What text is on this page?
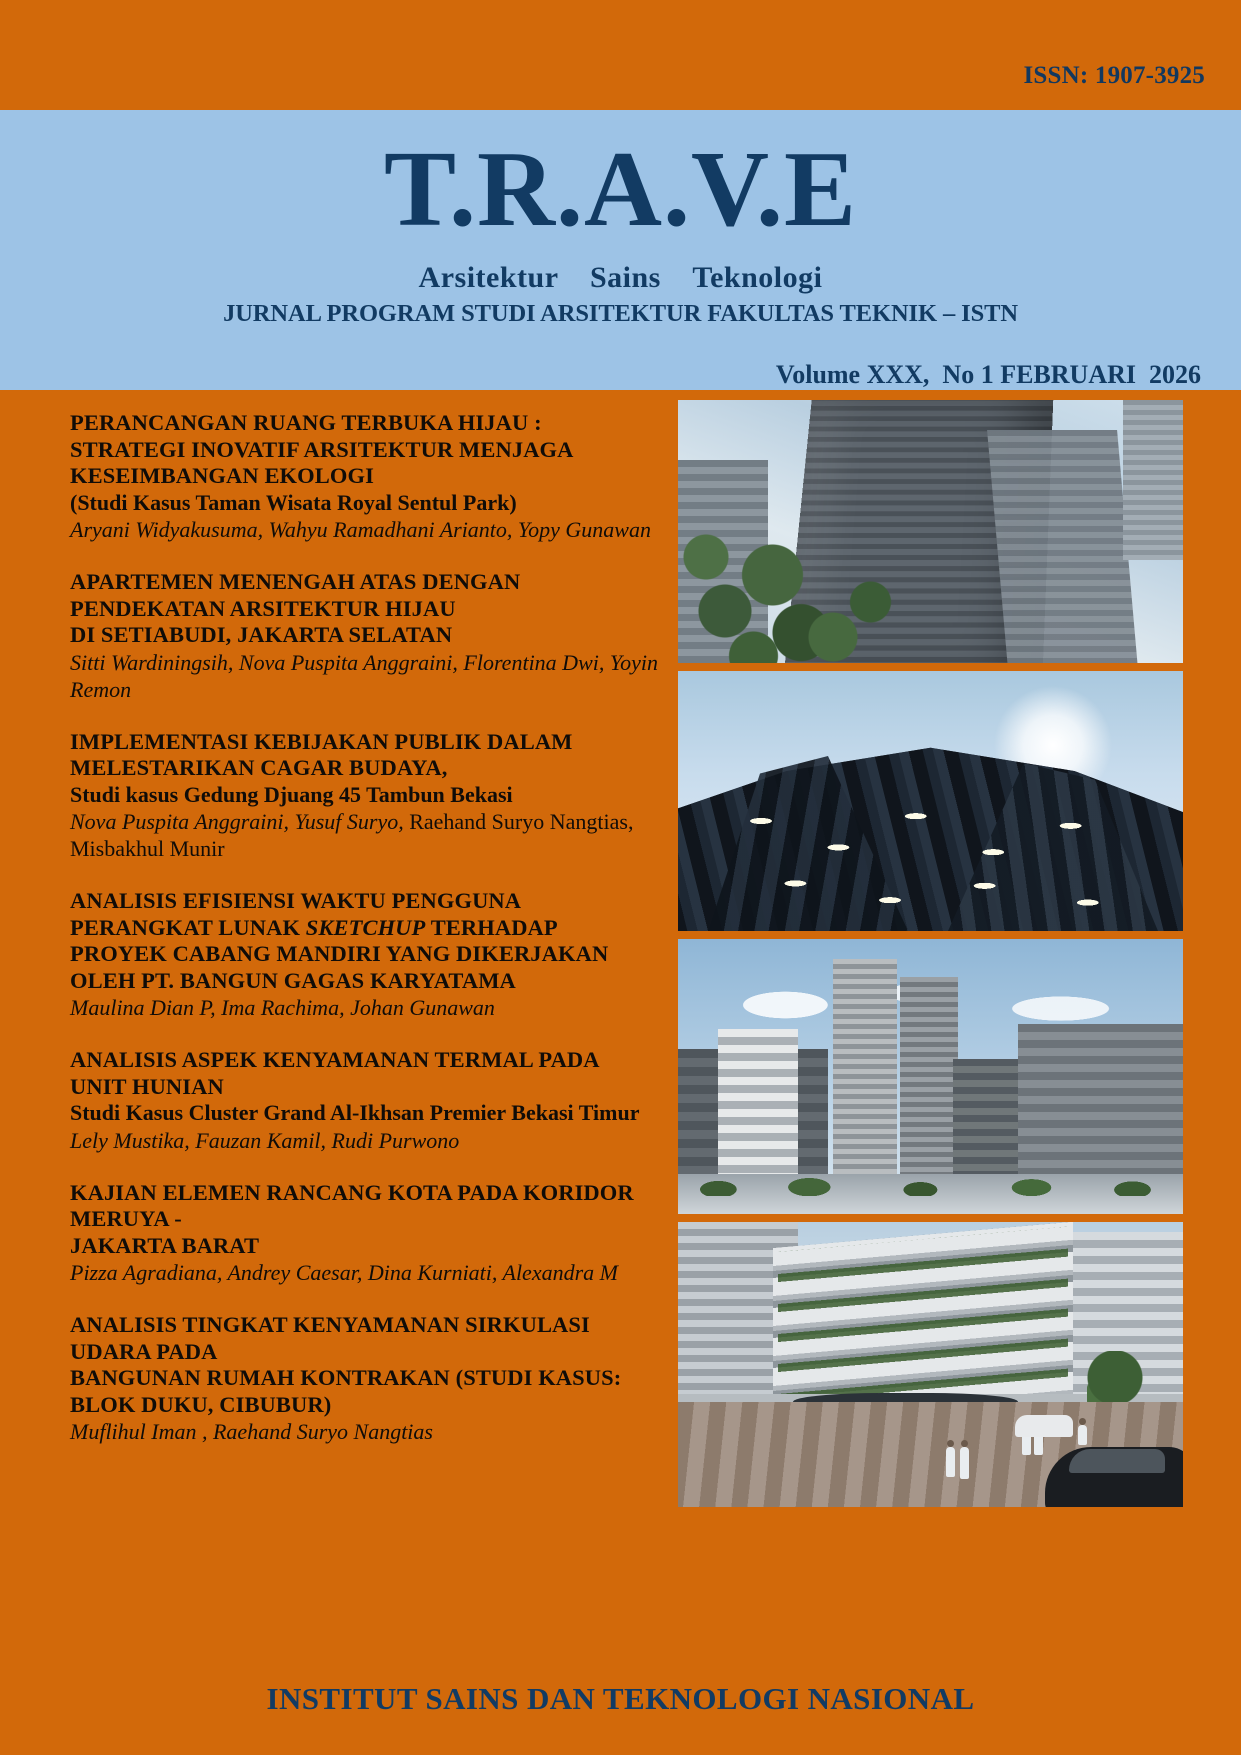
ISSN: 1907-3925
T.R.A.V.E
Arsitektur    Sains    Teknologi
JURNAL PROGRAM STUDI ARSITEKTUR FAKULTAS TEKNIK – ISTN
Volume XXX,  No 1 FEBRUARI  2026
PERANCANGAN RUANG TERBUKA HIJAU :
STRATEGI INOVATIF ARSITEKTUR MENJAGA
KESEIMBANGAN EKOLOGI
(Studi Kasus Taman Wisata Royal Sentul Park)
Aryani Widyakusuma, Wahyu Ramadhani Arianto, Yopy Gunawan
APARTEMEN MENENGAH ATAS DENGAN
PENDEKATAN ARSITEKTUR HIJAU
DI SETIABUDI, JAKARTA SELATAN
Sitti Wardiningsih, Nova Puspita Anggraini, Florentina Dwi, Yoyin Remon
IMPLEMENTASI KEBIJAKAN PUBLIK DALAM
MELESTARIKAN CAGAR BUDAYA,
Studi kasus Gedung Djuang 45 Tambun Bekasi
Nova Puspita Anggraini, Yusuf Suryo, Raehand Suryo Nangtias, Misbakhul Munir
ANALISIS EFISIENSI WAKTU PENGGUNA
PERANGKAT LUNAK SKETCHUP TERHADAP
PROYEK CABANG MANDIRI YANG DIKERJAKAN
OLEH PT. BANGUN GAGAS KARYATAMA
Maulina Dian P, Ima Rachima, Johan Gunawan
ANALISIS ASPEK KENYAMANAN TERMAL PADA
UNIT HUNIAN
Studi Kasus Cluster Grand Al-Ikhsan Premier Bekasi Timur
Lely Mustika, Fauzan Kamil, Rudi Purwono
KAJIAN ELEMEN RANCANG KOTA PADA KORIDOR
MERUYA -
JAKARTA BARAT
Pizza Agradiana, Andrey Caesar, Dina Kurniati, Alexandra M
ANALISIS TINGKAT KENYAMANAN SIRKULASI
UDARA PADA
BANGUNAN RUMAH KONTRAKAN (STUDI KASUS:
BLOK DUKU, CIBUBUR)
Muflihul Iman , Raehand Suryo Nangtias
INSTITUT SAINS DAN TEKNOLOGI NASIONAL
